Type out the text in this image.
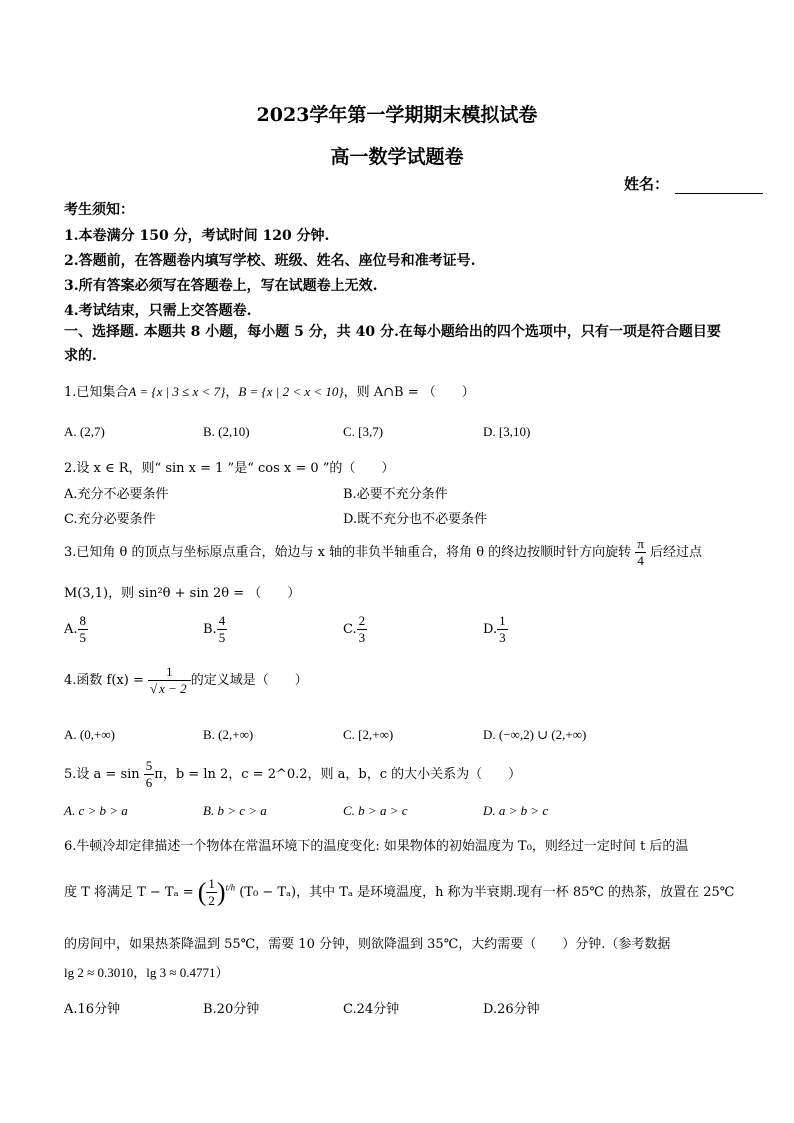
2023学年第一学期期末模拟试卷
高一数学试题卷
姓名：
考生须知：
1.本卷满分 150 分，考试时间 120 分钟.
2.答题前，在答题卷内填写学校、班级、姓名、座位号和准考证号.
3.所有答案必须写在答题卷上，写在试题卷上无效.
4.考试结束，只需上交答题卷.
一、选择题. 本题共 8 小题，每小题 5 分，共 40 分.在每小题给出的四个选项中，只有一项是符合题目要求的.
1.已知集合A = {x | 3 ≤ x < 7}，B = {x | 2 < x < 10}，则 A∩B = （　　）
A. (2,7)	B. (2,10)	C. [3,7)	D. [3,10)
2.设 x ∈ R，则“ sin x = 1 ”是“ cos x = 0 ”的（　　）
A.充分不必要条件	B.必要不充分条件
C.充分必要条件	D.既不充分也不必要条件
3.已知角 θ 的顶点与坐标原点重合，始边与 x 轴的非负半轴重合，将角 θ 的终边按顺时针方向旋转 $\frac{\pi}{4}$ 后经过点
M(3,1)，则 sin²θ + sin 2θ = （　　）
A. $\frac{8}{5}$	B. $\frac{4}{5}$	C. $\frac{2}{3}$	D. $\frac{1}{3}$
4.函数 $f(x) = \frac{1}{√ x - 2}$ 的定义域是（　　）
A. (0,+∞)	B. (2,+∞)	C. [2,+∞)	D. (−∞,2) ∪ (2,+∞)
5.设 $a = \sin \frac{5}{6}$ π，b = ln 2，c = 2^0.2，则 a，b，c 的大小关系为（　　）
A. c > b > a	B. b > c > a	C. b > a > c	D. a > b > c
6.牛顿冷却定律描述一个物体在常温环境下的温度变化: 如果物体的初始温度为 T₀，则经过一定时间 t 后的温
度 T 将满足 T − Tₐ = ( $\frac{1}{2} )^{t/h}$ (T₀ − Tₐ)，其中 Tₐ 是环境温度，h 称为半衰期.现有一杯 85℃ 的热茶，放置在 25℃
的房间中，如果热茶降温到 55℃，需要 10 分钟，则欲降温到 35℃，大约需要（　　）分钟.（参考数据
lg 2 ≈ 0.3010，lg 3 ≈ 0.4771）
A.16分钟	B.20分钟	C.24分钟	D.26分钟
